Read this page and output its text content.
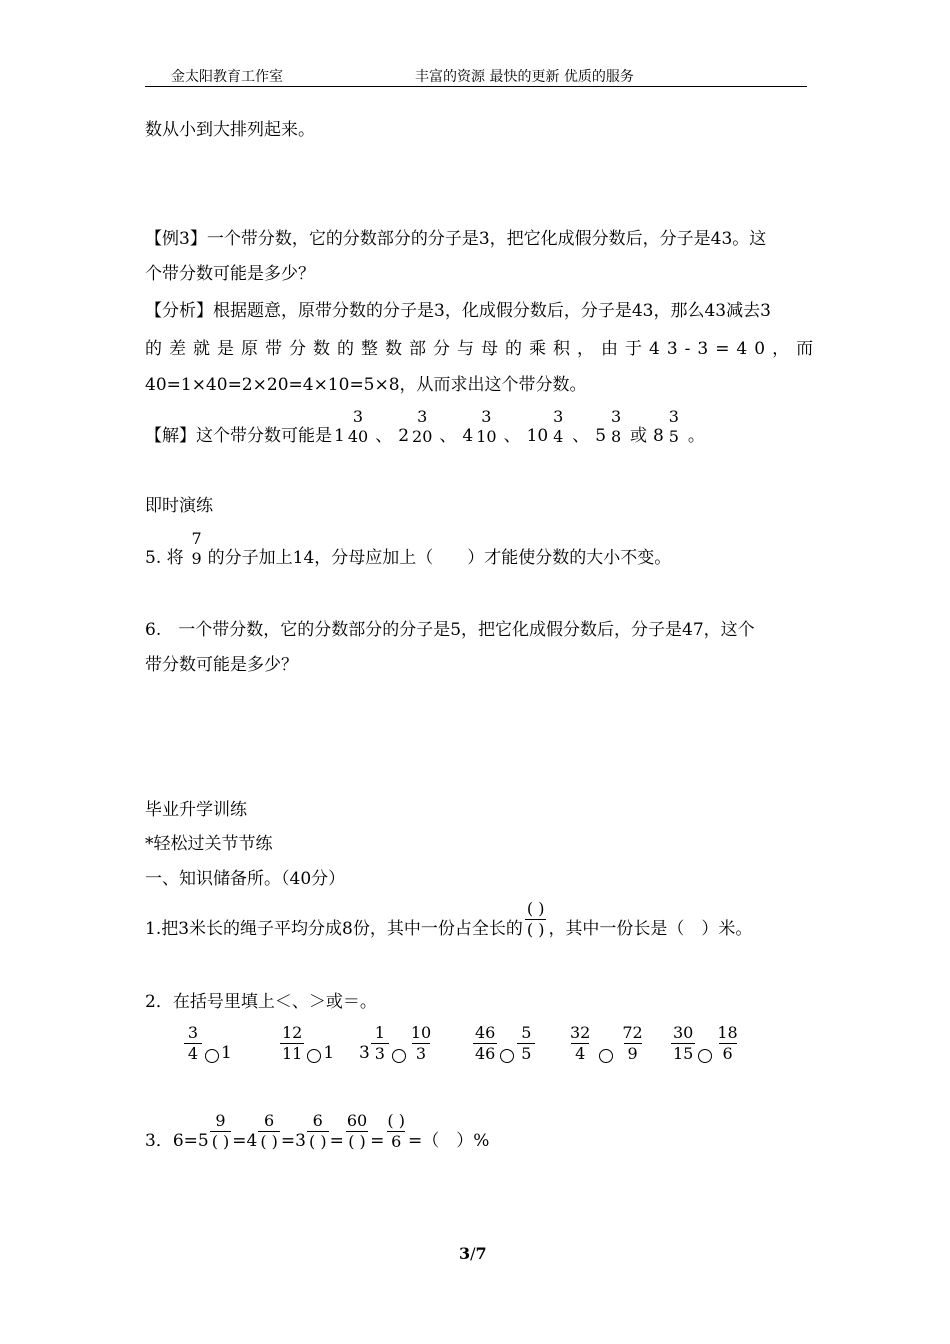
金太阳教育工作室	丰富的资源 最快的更新 优质的服务
数从小到大排列起来。
【例3】一个带分数，它的分数部分的分子是3，把它化成假分数后，分子是43。这
个带分数可能是多少？
【分析】根据题意，原带分数的分子是3，化成假分数后，分子是43，那么43减去3
的差就是原带分数的整数部分与母的乘积，由于43-3=40，而
40=1×40=2×20=4×10=5×8，从而求出这个带分数。
【解】这个带分数可能是 1
3
40 、 2
3
20 、 4
3
10 、 10
3
4 、 5
3
8 或 8
3
5 。
即时演练
5. 将
7
9 的分子加上14，分母应加上（　　）才能使分数的大小不变。
6.　一个带分数，它的分数部分的分子是5，把它化成假分数后，分子是47，这个
带分数可能是多少？
毕业升学训练
*轻松过关节节练
一、知识储备所。（40分）
1.把3米长的绳子平均分成8份，其中一份占全长的 $\frac{( )}{( )}$ ，其中一份长是（　）米。
2．在括号里填上＜、＞或＝。
$\frac{3}{4} 1$	$\frac{12}{11} 1$ $3 \frac{1}{3} \frac{10}{3} \frac{46}{46} \frac{5}{5} \frac{32}{4} \frac{72}{9} \frac{30}{15} \frac{18}{6}$
3．$6=5 \frac{9}{( )} =4 \frac{6}{( )} =3 \frac{6}{( )} = \frac{60}{( )} = \frac{( )}{6}$ =（　）%
3/7
